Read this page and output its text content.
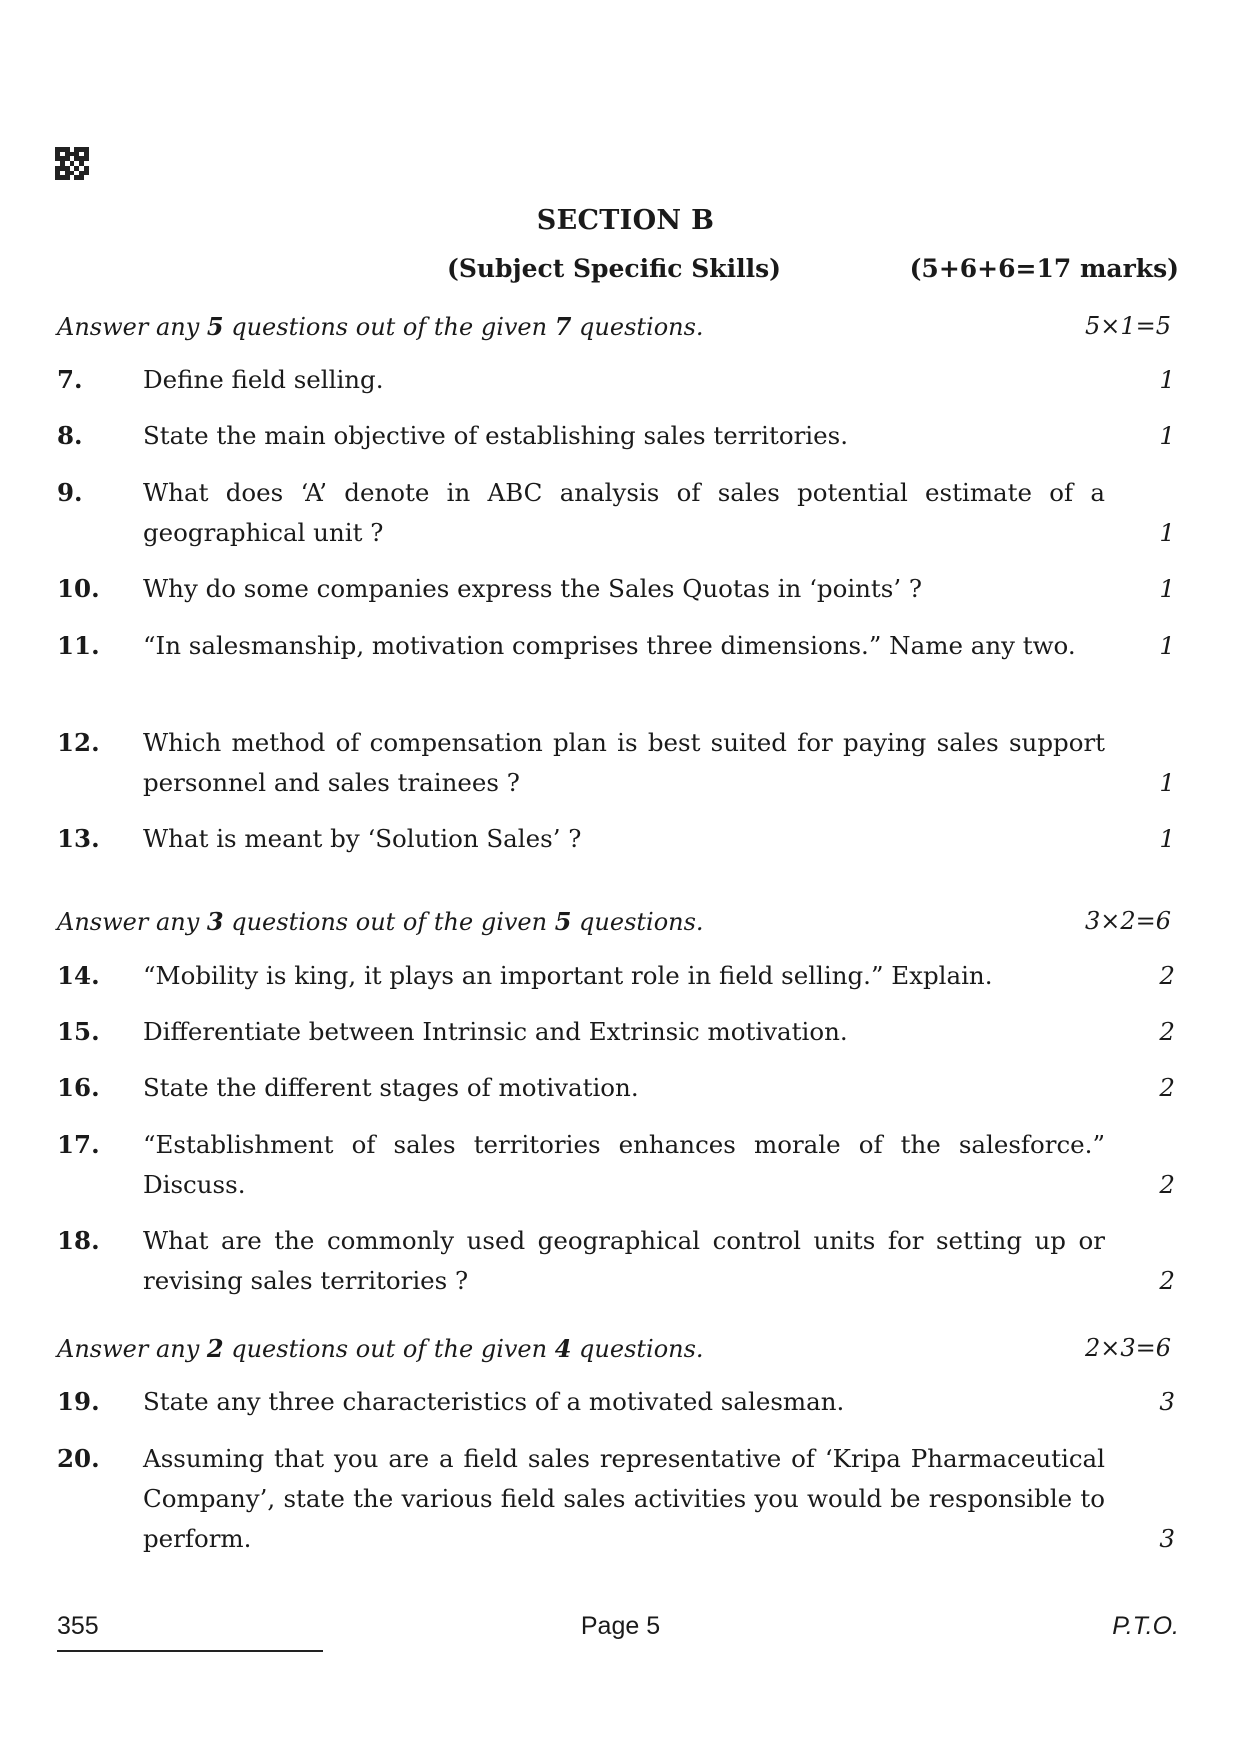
SECTION B
(Subject Specific Skills)	(5+6+6=17 marks)
Answer any 5 questions out of the given 7 questions.	5×1=5
7. Define field selling.	1
8. State the main objective of establishing sales territories.	1
9. What does ‘A’ denote in ABC analysis of sales potential estimate of a geographical unit ?	1
10. Why do some companies express the Sales Quotas in ‘points’ ?	1
11. “In salesmanship, motivation comprises three dimensions.” Name any two.	1
12. Which method of compensation plan is best suited for paying sales support personnel and sales trainees ?	1
13. What is meant by ‘Solution Sales’ ?	1
Answer any 3 questions out of the given 5 questions.	3×2=6
14. “Mobility is king, it plays an important role in field selling.” Explain.	2
15. Differentiate between Intrinsic and Extrinsic motivation.	2
16. State the different stages of motivation.	2
17. “Establishment of sales territories enhances morale of the salesforce.” Discuss.	2
18. What are the commonly used geographical control units for setting up or revising sales territories ?	2
Answer any 2 questions out of the given 4 questions.	2×3=6
19. State any three characteristics of a motivated salesman.	3
20. Assuming that you are a field sales representative of ‘Kripa Pharmaceutical Company’, state the various field sales activities you would be responsible to perform.	3
355	Page 5	P.T.O.
